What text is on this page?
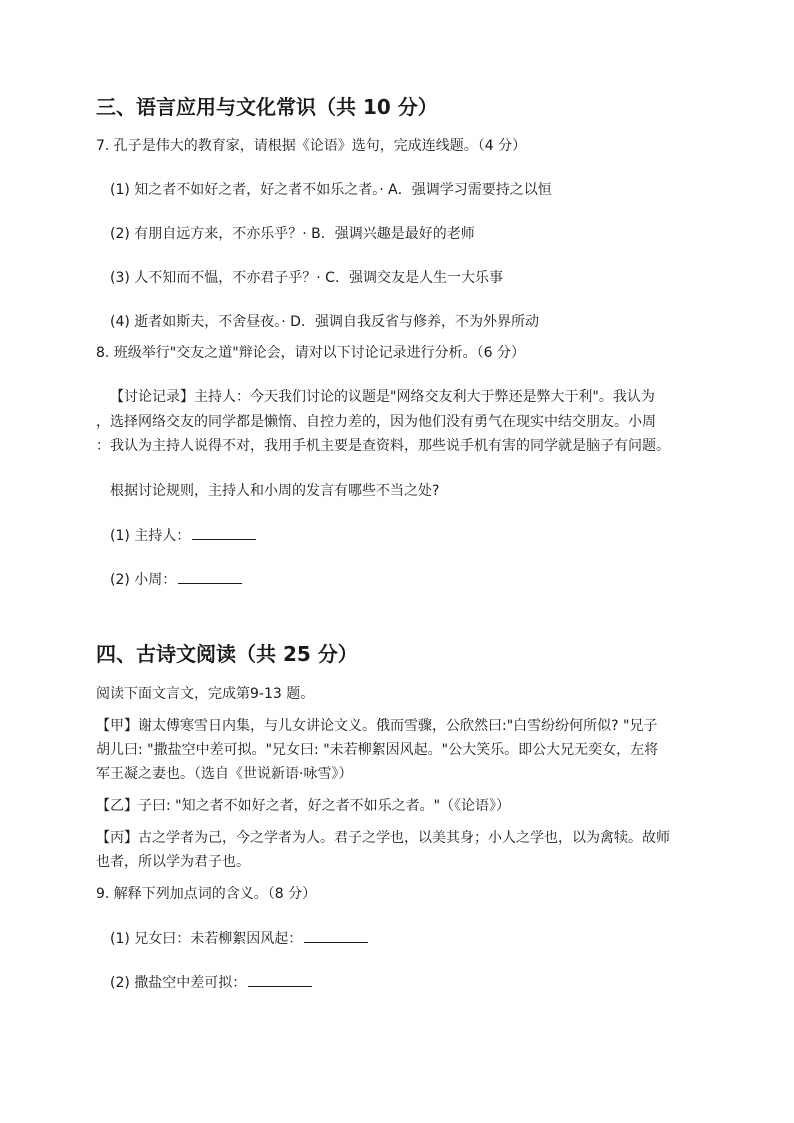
三、语言应用与文化常识（共 10 分）
7. 孔子是伟大的教育家，请根据《论语》选句，完成连线题。（4 分）
(1) 知之者不如好之者，好之者不如乐之者。· A．强调学习需要持之以恒
(2) 有朋自远方来，不亦乐乎？· B．强调兴趣是最好的老师
(3) 人不知而不愠，不亦君子乎？· C．强调交友是人生一大乐事
(4) 逝者如斯夫，不舍昼夜。· D．强调自我反省与修养，不为外界所动
8. 班级举行"交友之道"辩论会，请对以下讨论记录进行分析。（6 分）
【讨论记录】主持人：今天我们讨论的议题是"网络交友利大于弊还是弊大于利"。我认为
，选择网络交友的同学都是懒惰、自控力差的，因为他们没有勇气在现实中结交朋友。小周
：我认为主持人说得不对，我用手机主要是查资料，那些说手机有害的同学就是脑子有问题。
根据讨论规则，主持人和小周的发言有哪些不当之处?
(1) 主持人：
(2) 小周：
四、古诗文阅读（共 25 分）
阅读下面文言文，完成第9-13 题。
【甲】谢太傅寒雪日内集，与儿女讲论文义。俄而雪骤，公欣然曰:"白雪纷纷何所似? "兄子
胡儿曰: "撒盐空中差可拟。"兄女曰: "未若柳絮因风起。"公大笑乐。即公大兄无奕女，左将
军王凝之妻也。（选自《世说新语·咏雪》）
【乙】子曰: "知之者不如好之者，好之者不如乐之者。"（《论语》）
【丙】古之学者为己，今之学者为人。君子之学也，以美其身；小人之学也，以为禽犊。故师
也者，所以学为君子也。
9. 解释下列加点词的含义。（8 分）
(1) 兄女曰：未若柳絮因风起：
(2) 撒盐空中差可拟：
